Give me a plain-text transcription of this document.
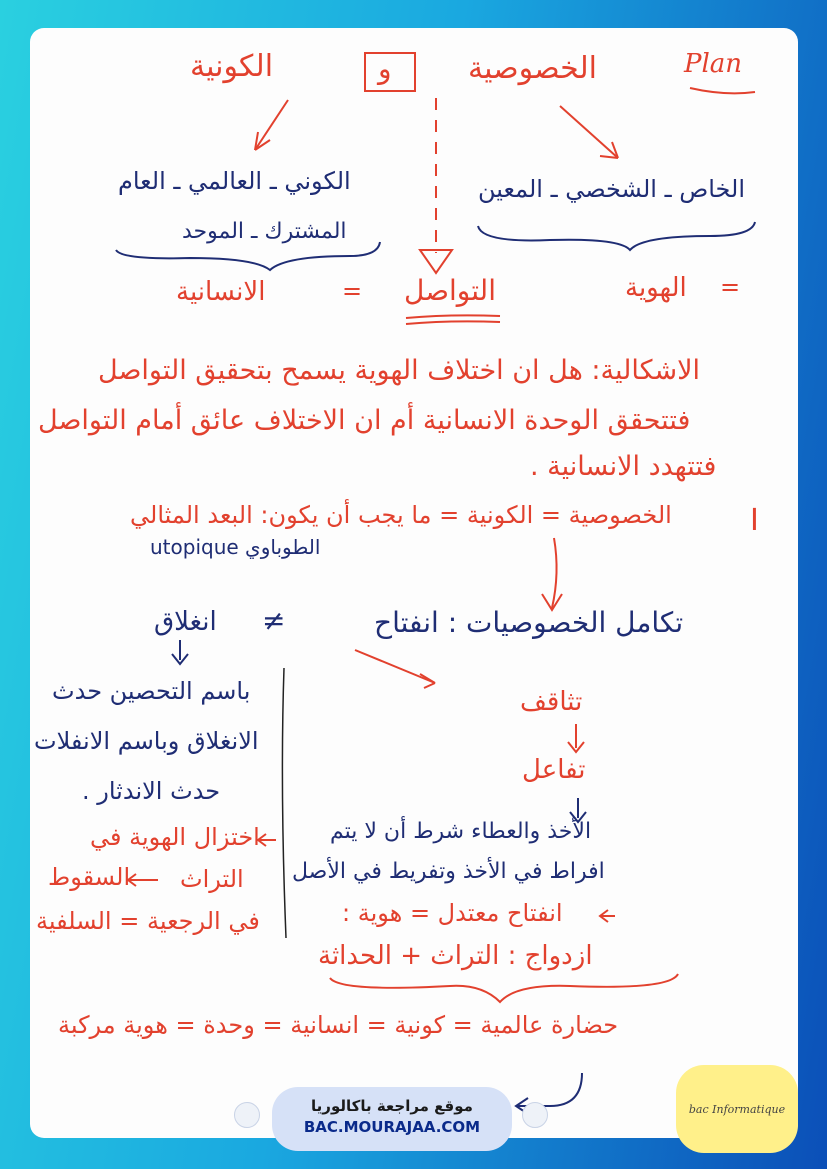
Plan
الخصوصية
و
الكونية
الخاص ـ الشخصي ـ المعين
الكوني ـ العالمي ـ العام
المشترك ـ الموحد
الانسانية	= التواصل	الهوية =
الاشكالية: هل ان اختلاف الهوية يسمح بتحقيق التواصل
فتتحقق الوحدة الانسانية أم ان الاختلاف عائق أمام التواصل
فتتهدد الانسانية .
I
الخصوصية = الكونية = ما يجب أن يكون: البعد المثالي
الطوباوي utopique
تكامل الخصوصيات : انفتاح
انغلاق ≠
باسم التحصين حدث
الانغلاق وباسم الانفلات
حدث الاندثار .
اختزال الهوية في
التراث
السقوط
في الرجعية = السلفية
تثاقف
تفاعل
الأخذ والعطاء شرط أن لا يتم
افراط في الأخذ وتفريط في الأصل
انفتاح معتدل = هوية :
ازدواج : التراث + الحداثة
حضارة عالمية = كونية = انسانية = وحدة = هوية مركبة
موقع مراجعة باكالوريا
BAC.MOURAJAA.COM
bac Informatique
